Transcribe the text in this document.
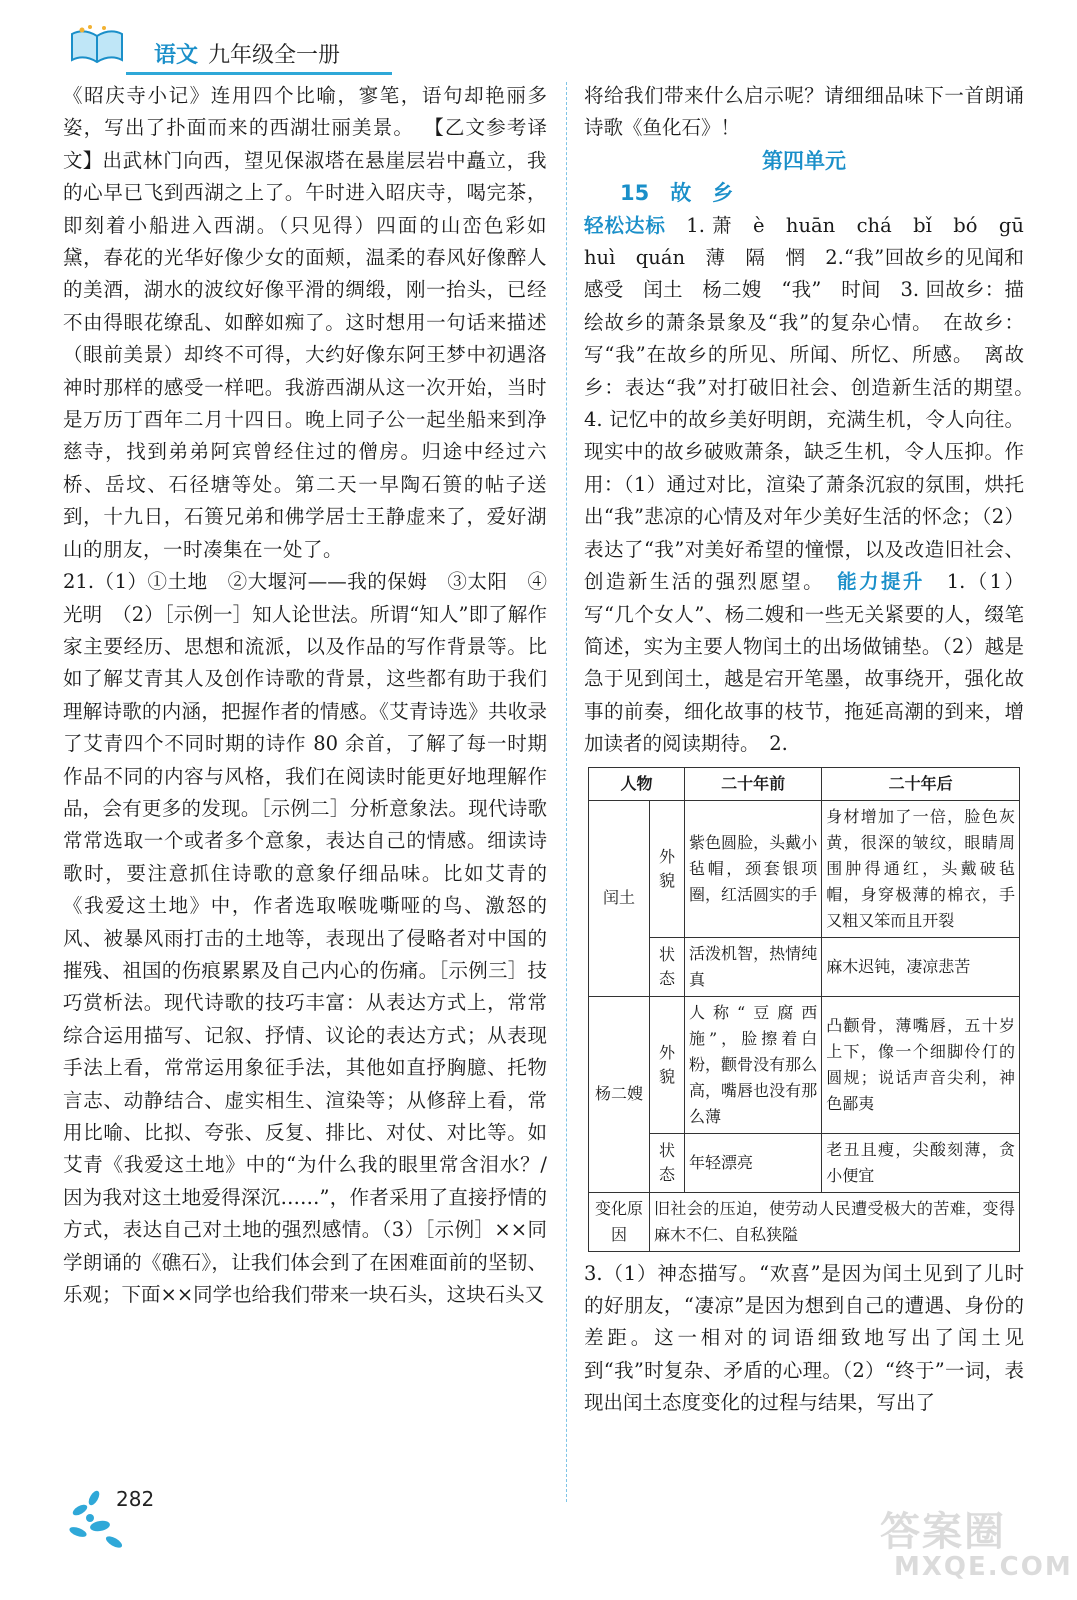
语文 九年级全一册

《昭庆寺小记》连用四个比喻，寥笔，语句却艳丽多姿，写出了扑面而来的西湖壮丽美景。 【乙文参考译文】出武林门向西，望见保淑塔在悬崖层岩中矗立，我的心早已飞到西湖之上了。午时进入昭庆寺，喝完茶，即刻着小船进入西湖。（只见得）四面的山峦色彩如黛，春花的光华好像少女的面颊，温柔的春风好像醉人的美酒，湖水的波纹好像平滑的绸缎，刚一抬头，已经不由得眼花缭乱、如醉如痴了。这时想用一句话来描述（眼前美景）却终不可得，大约好像东阿王梦中初遇洛神时那样的感受一样吧。我游西湖从这一次开始，当时是万历丁酉年二月十四日。晚上同子公一起坐船来到净慈寺，找到弟弟阿宾曾经住过的僧房。归途中经过六桥、岳坟、石径塘等处。第二天一早陶石篑的帖子送到，十九日，石篑兄弟和佛学居士王静虚来了，爱好湖山的朋友，一时凑集在一处了。

21.（1）①土地　②大堰河——我的保姆　③太阳　④光明　（2）［示例一］知人论世法。所谓“知人”即了解作家主要经历、思想和流派，以及作品的写作背景等。比如了解艾青其人及创作诗歌的背景，这些都有助于我们理解诗歌的内涵，把握作者的情感。《艾青诗选》共收录了艾青四个不同时期的诗作 80 余首，了解了每一时期作品不同的内容与风格，我们在阅读时能更好地理解作品，会有更多的发现。［示例二］分析意象法。现代诗歌常常选取一个或者多个意象，表达自己的情感。细读诗歌时，要注意抓住诗歌的意象仔细品味。比如艾青的《我爱这土地》中，作者选取喉咙嘶哑的鸟、激怒的风、被暴风雨打击的土地等，表现出了侵略者对中国的摧残、祖国的伤痕累累及自己内心的伤痛。［示例三］技巧赏析法。现代诗歌的技巧丰富：从表达方式上，常常综合运用描写、记叙、抒情、议论的表达方式；从表现手法上看，常常运用象征手法，其他如直抒胸臆、托物言志、动静结合、虚实相生、渲染等；从修辞上看，常用比喻、比拟、夸张、反复、排比、对仗、对比等。如艾青《我爱这土地》中的“为什么我的眼里常含泪水？/因为我对这土地爱得深沉……”，作者采用了直接抒情的方式，表达自己对土地的强烈感情。（3）［示例］××同学朗诵的《礁石》，让我们体会到了在困难面前的坚韧、乐观；下面××同学也给我们带来一块石头，这块石头又

将给我们带来什么启示呢？请细细品味下一首朗诵诗歌《鱼化石》！

第四单元

15　故　乡

轻松达标　 1. 萧　è　huān　chá　bǐ　bó　gū　huì　quán　薄　隔　惘　2.“我”回故乡的见闻和感受　闰土　杨二嫂　“我”　时间　3. 回故乡：描绘故乡的萧条景象及“我”的复杂心情。　在故乡：写“我”在故乡的所见、所闻、所忆、所感。　离故乡：表达“我”对打破旧社会、创造新生活的期望。　4. 记忆中的故乡美好明朗，充满生机，令人向往。现实中的故乡破败萧条，缺乏生机，令人压抑。作用：（1）通过对比，渲染了萧条沉寂的氛围，烘托出“我”悲凉的心情及对年少美好生活的怀念；（2）表达了“我”对美好希望的憧憬，以及改造旧社会、创造新生活的强烈愿望。　 能力提升　 1.（1）写“几个女人”、杨二嫂和一些无关紧要的人，缀笔简述，实为主要人物闰土的出场做铺垫。（2）越是急于见到闰土，越是宕开笔墨，故事绕开，强化故事的前奏，细化故事的枝节，拖延高潮的到来，增加读者的阅读期待。　2.

人物		二十年前	二十年后
闰土	外貌	紫色圆脸，头戴小毡帽，颈套银项圈，红活圆实的手	身材增加了一倍，脸色灰黄，很深的皱纹，眼睛周围肿得通红，头戴破毡帽，身穿极薄的棉衣，手又粗又笨而且开裂
	状态	活泼机智，热情纯真	麻木迟钝，凄凉悲苦
杨二嫂	外貌	人称“豆腐西施”，脸擦着白粉，颧骨没有那么高，嘴唇也没有那么薄	凸颧骨，薄嘴唇，五十岁上下，像一个细脚伶仃的圆规；说话声音尖利，神色鄙夷
	状态	年轻漂亮	老丑且瘦，尖酸刻薄，贪小便宜
变化原因	旧社会的压迫，使劳动人民遭受极大的苦难，变得麻木不仁、自私狭隘		

3.（1）神态描写。“欢喜”是因为闰土见到了儿时的好朋友，“凄凉”是因为想到自己的遭遇、身份的差距。这一相对的词语细致地写出了闰土见到“我”时复杂、矛盾的心理。（2）“终于”一词，表现出闰土态度变化的过程与结果，写出了

282
答案圈
MXQE.COM
